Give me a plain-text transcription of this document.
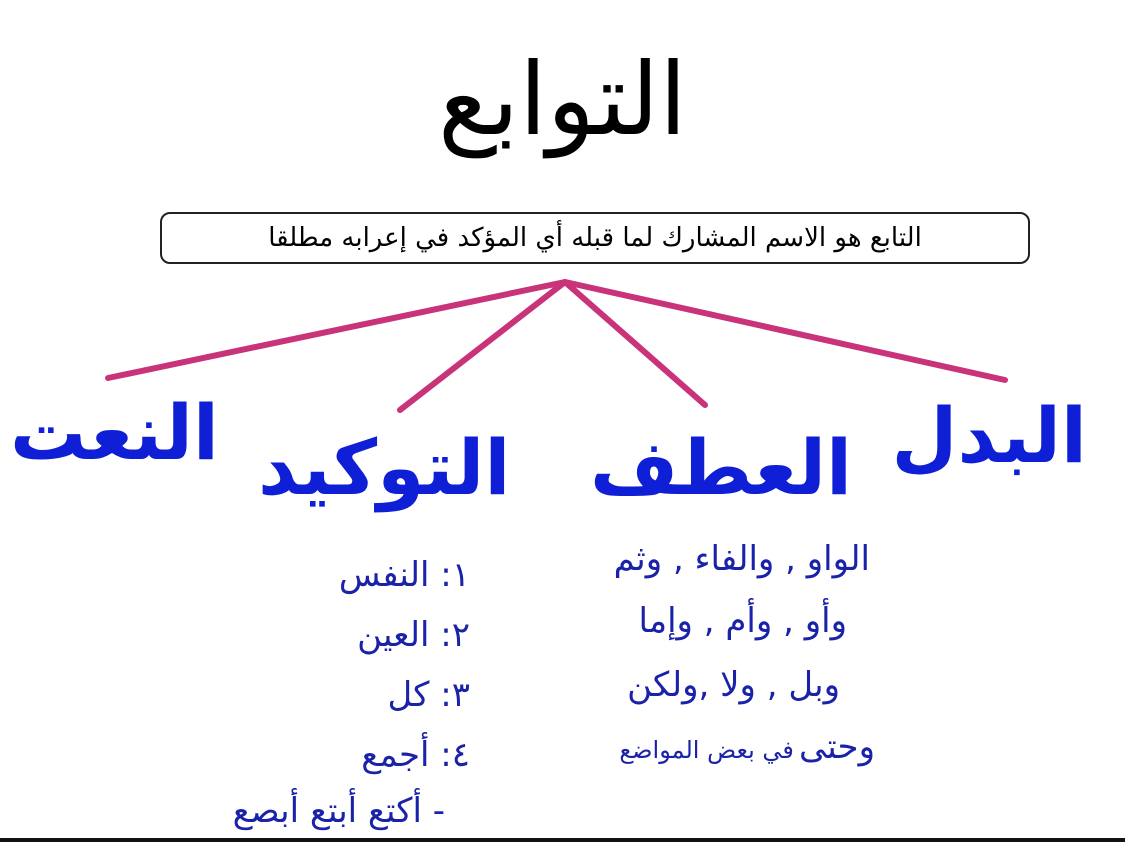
التوابع
التابع هو الاسم المشارك لما قبله أي المؤكد في إعرابه مطلقا
البدل
العطف
التوكيد
النعت
الواو , والفاء , وثم
وأو , وأم , وإما
وبل , ولا ,ولكن
وحتى في بعض المواضع
١: النفس
٢: العين
٣: كل
٤: أجمع
- أكتع أبتع أبصع
